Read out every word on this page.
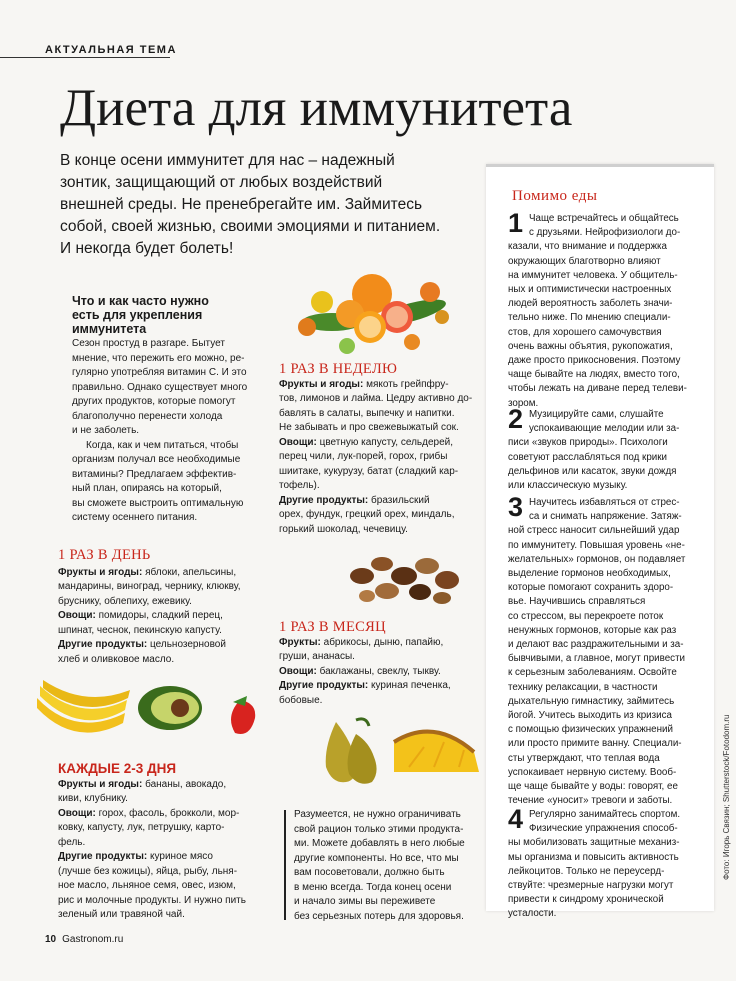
АКТУАЛЬНАЯ ТЕМА
Диета для иммунитета
В конце осени иммунитет для нас – надежный
зонтик, защищающий от любых воздействий
внешней среды. Не пренебрегайте им. Займитесь
собой, своей жизнью, своими эмоциями и питанием.
И некогда будет болеть!
Что и как часто нужно
есть для укрепления
иммунитета
Сезон простуд в разгаре. Бытует
мнение, что пережить его можно, ре-
гулярно употребляя витамин С. И это
правильно. Однако существует много
других продуктов, которые помогут
благополучно перенести холода
и не заболеть.
Когда, как и чем питаться, чтобы
организм получал все необходимые
витамины? Предлагаем эффектив-
ный план, опираясь на который,
вы сможете выстроить оптимальную
систему осеннего питания.
1 РАЗ В ДЕНЬ
Фрукты и ягоды: яблоки, апельсины,
мандарины, виноград, чернику, клюкву,
бруснику, облепиху, ежевику.
Овощи: помидоры, сладкий перец,
шпинат, чеснок, пекинскую капусту.
Другие продукты: цельнозерновой
хлеб и оливковое масло.
КАЖДЫЕ 2-3 ДНЯ
Фрукты и ягоды: бананы, авокадо,
киви, клубнику.
Овощи: горох, фасоль, брокколи, мор-
ковку, капусту, лук, петрушку, карто-
фель.
Другие продукты: куриное мясо
(лучше без кожицы), яйца, рыбу, льня-
ное масло, льняное семя, овес, изюм,
рис и молочные продукты. И нужно пить
зеленый или травяной чай.
1 РАЗ В НЕДЕЛЮ
Фрукты и ягоды: мякоть грейпфру-
тов, лимонов и лайма. Цедру активно до-
бавлять в салаты, выпечку и напитки.
Не забывать и про свежевыжатый сок.
Овощи: цветную капусту, сельдерей,
перец чили, лук-порей, горох, грибы
шиитаке, кукурузу, батат (сладкий кар-
тофель).
Другие продукты: бразильский
орех, фундук, грецкий орех, миндаль,
горький шоколад, чечевицу.
1 РАЗ В МЕСЯЦ
Фрукты: абрикосы, дыню, папайю,
груши, ананасы.
Овощи: баклажаны, свеклу, тыкву.
Другие продукты: куриная печенка,
бобовые.
Разумеется, не нужно ограничивать
свой рацион только этими продукта-
ми. Можете добавлять в него любые
другие компоненты. Но все, что мы
вам посоветовали, должно быть
в меню всегда. Тогда конец осени
и начало зимы вы переживете
без серьезных потерь для здоровья.
Помимо еды
1 Чаще встречайтесь и общайтесь
с друзьями. Нейрофизиологи до-
казали, что внимание и поддержка
окружающих благотворно влияют
на иммунитет человека. У общитель-
ных и оптимистически настроенных
людей вероятность заболеть значи-
тельно ниже. По мнению специали-
стов, для хорошего самочувствия
очень важны объятия, рукопожатия,
даже просто прикосновения. Поэтому
чаще бывайте на людях, вместо того,
чтобы лежать на диване перед телеви-
зором.
2 Музицируйте сами, слушайте
успокаивающие мелодии или за-
писи «звуков природы». Психологи
советуют расслабляться под крики
дельфинов или касаток, звуки дождя
или классическую музыку.
3 Научитесь избавляться от стрес-
са и снимать напряжение. Затяж-
ной стресс наносит сильнейший удар
по иммунитету. Повышая уровень «не-
желательных» гормонов, он подавляет
выделение гормонов необходимых,
которые помогают сохранить здоро-
вье. Научившись справляться
со стрессом, вы перекроете поток
ненужных гормонов, которые как раз
и делают вас раздражительными и за-
бывчивыми, а главное, могут привести
к серьезным заболеваниям. Освойте
технику релаксации, в частности
дыхательную гимнастику, займитесь
йогой. Учитесь выходить из кризиса
с помощью физических упражнений
или просто примите ванну. Специали-
сты утверждают, что теплая вода
успокаивает нервную систему. Вооб-
ще чаще бывайте у воды: говорят, ее
течение «уносит» тревоги и заботы.
4 Регулярно занимайтесь спортом.
Физические упражнения способ-
ны мобилизовать защитные механиз-
мы организма и повысить активность
лейкоцитов. Только не переусерд-
ствуйте: чрезмерные нагрузки могут
привести к синдрому хронической
усталости.
10 Gastronom.ru
Фото: Игорь Связин; Shutterstock/Fotodom.ru
